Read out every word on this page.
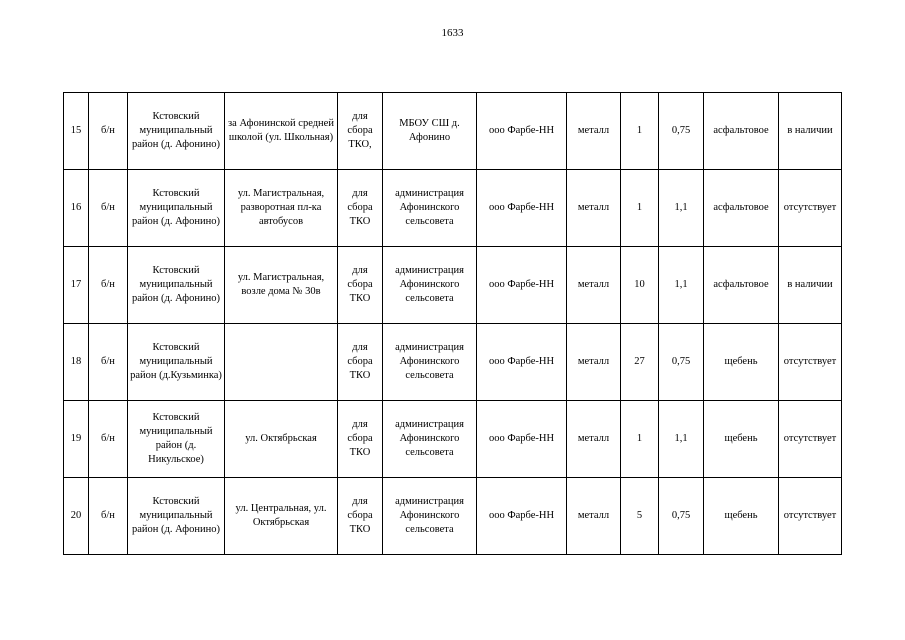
1633
15	б/н	Кстовский муниципальный район (д. Афонино)	за Афонинской средней школой (ул. Школьная)	для сбора ТКО,	МБОУ СШ д. Афонино	ооо Фарбе-НН	металл	1	0,75	асфальтовое	в наличии
16	б/н	Кстовский муниципальный район (д. Афонино)	ул. Магистральная, разворотная пл-ка автобусов	для сбора ТКО	администрация Афонинского сельсовета	ооо Фарбе-НН	металл	1	1,1	асфальтовое	отсутствует
17	б/н	Кстовский муниципальный район (д. Афонино)	ул. Магистральная, возле дома № 30в	для сбора ТКО	администрация Афонинского сельсовета	ооо Фарбе-НН	металл	10	1,1	асфальтовое	в наличии
18	б/н	Кстовский муниципальный район (д.Кузьминка)		для сбора ТКО	администрация Афонинского сельсовета	ооо Фарбе-НН	металл	27	0,75	щебень	отсутствует
19	б/н	Кстовский муниципальный район (д. Никульское)	ул. Октябрьская	для сбора ТКО	администрация Афонинского сельсовета	ооо Фарбе-НН	металл	1	1,1	щебень	отсутствует
20	б/н	Кстовский муниципальный район (д. Афонино)	ул. Центральная, ул. Октябрьская	для сбора ТКО	администрация Афонинского сельсовета	ооо Фарбе-НН	металл	5	0,75	щебень	отсутствует
